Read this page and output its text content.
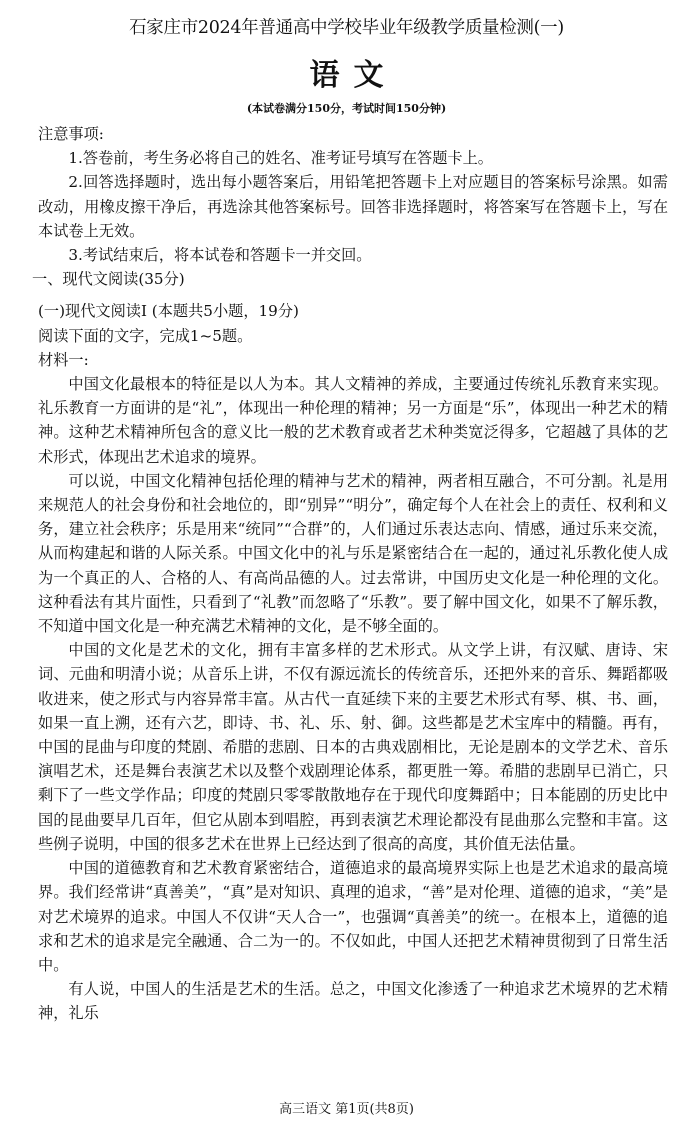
石家庄市2024年普通高中学校毕业年级教学质量检测(一)
语文
(本试卷满分150分，考试时间150分钟)

注意事项:

1.答卷前，考生务必将自己的姓名、准考证号填写在答题卡上。

2.回答选择题时，选出每小题答案后，用铅笔把答题卡上对应题目的答案标号涂黑。如需改动，用橡皮擦干净后，再选涂其他答案标号。回答非选择题时，将答案写在答题卡上，写在本试卷上无效。

3.考试结束后，将本试卷和答题卡一并交回。

一、现代文阅读(35分)

(一)现代文阅读Ⅰ (本题共5小题，19分)

阅读下面的文字，完成1~5题。

材料一:

中国文化最根本的特征是以人为本。其人文精神的养成，主要通过传统礼乐教育来实现。礼乐教育一方面讲的是“礼”，体现出一种伦理的精神；另一方面是“乐”，体现出一种艺术的精神。这种艺术精神所包含的意义比一般的艺术教育或者艺术种类宽泛得多，它超越了具体的艺术形式，体现出艺术追求的境界。

可以说，中国文化精神包括伦理的精神与艺术的精神，两者相互融合，不可分割。礼是用来规范人的社会身份和社会地位的，即“别异”“明分”，确定每个人在社会上的责任、权利和义务，建立社会秩序；乐是用来“统同”“合群”的，人们通过乐表达志向、情感，通过乐来交流，从而构建起和谐的人际关系。中国文化中的礼与乐是紧密结合在一起的，通过礼乐教化使人成为一个真正的人、合格的人、有高尚品德的人。过去常讲，中国历史文化是一种伦理的文化。这种看法有其片面性，只看到了“礼教”而忽略了“乐教”。要了解中国文化，如果不了解乐教，不知道中国文化是一种充满艺术精神的文化，是不够全面的。

中国的文化是艺术的文化，拥有丰富多样的艺术形式。从文学上讲，有汉赋、唐诗、宋词、元曲和明清小说；从音乐上讲，不仅有源远流长的传统音乐，还把外来的音乐、舞蹈都吸收进来，使之形式与内容异常丰富。从古代一直延续下来的主要艺术形式有琴、棋、书、画，如果一直上溯，还有六艺，即诗、书、礼、乐、射、御。这些都是艺术宝库中的精髓。再有，中国的昆曲与印度的梵剧、希腊的悲剧、日本的古典戏剧相比，无论是剧本的文学艺术、音乐演唱艺术，还是舞台表演艺术以及整个戏剧理论体系，都更胜一筹。希腊的悲剧早已消亡，只剩下了一些文学作品；印度的梵剧只零零散散地存在于现代印度舞蹈中；日本能剧的历史比中国的昆曲要早几百年，但它从剧本到唱腔，再到表演艺术理论都没有昆曲那么完整和丰富。这些例子说明，中国的很多艺术在世界上已经达到了很高的高度，其价值无法估量。

中国的道德教育和艺术教育紧密结合，道德追求的最高境界实际上也是艺术追求的最高境界。我们经常讲“真善美”，“真”是对知识、真理的追求，“善”是对伦理、道德的追求，“美”是对艺术境界的追求。中国人不仅讲“天人合一”，也强调“真善美”的统一。在根本上，道德的追求和艺术的追求是完全融通、合二为一的。不仅如此，中国人还把艺术精神贯彻到了日常生活中。

有人说，中国人的生活是艺术的生活。总之，中国文化渗透了一种追求艺术境界的艺术精神，礼乐

高三语文 第1页(共8页)
